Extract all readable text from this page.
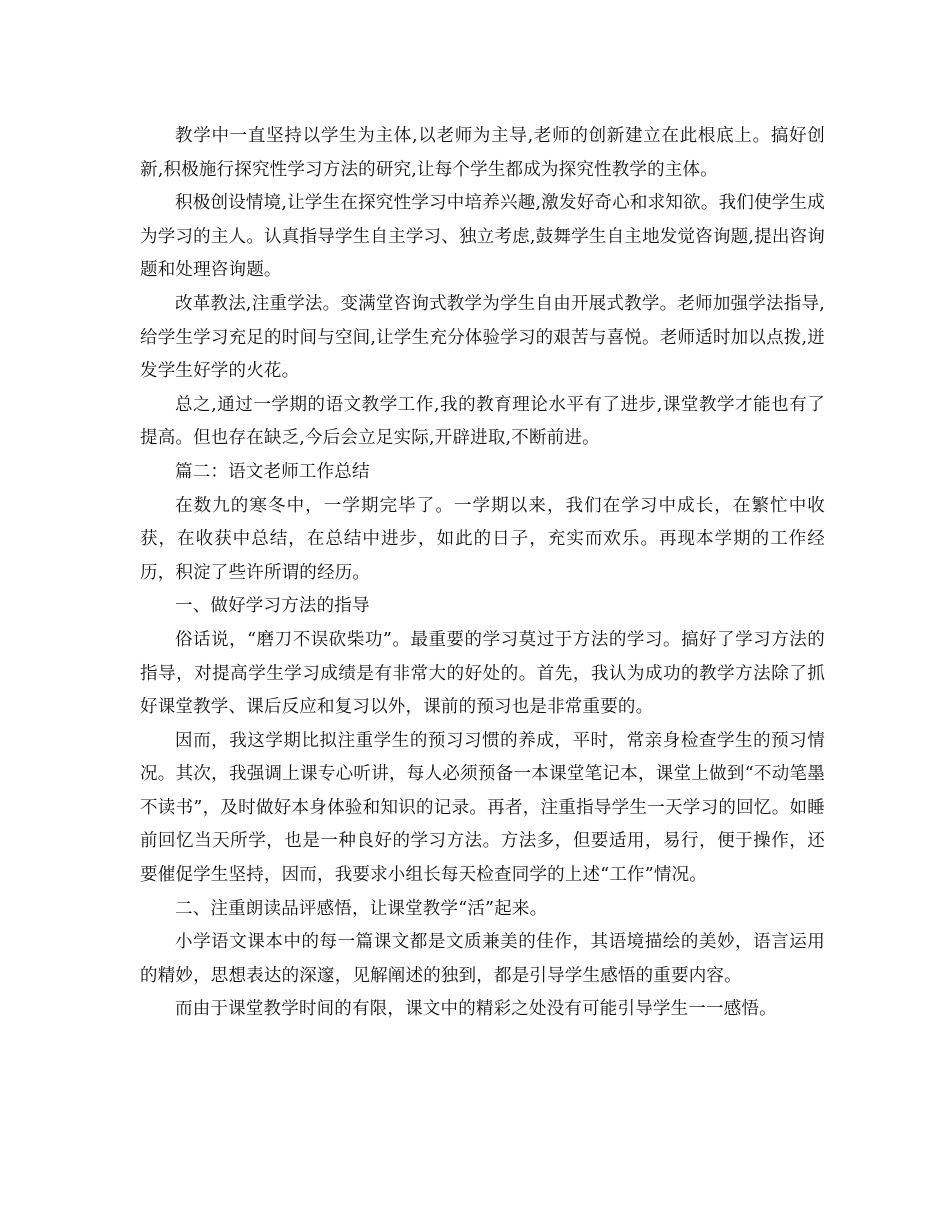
教学中一直坚持以学生为主体,以老师为主导,老师的创新建立在此根底上。搞好创新,积极施行探究性学习方法的研究,让每个学生都成为探究性教学的主体。

积极创设情境,让学生在探究性学习中培养兴趣,激发好奇心和求知欲。我们使学生成为学习的主人。认真指导学生自主学习、独立考虑,鼓舞学生自主地发觉咨询题,提出咨询题和处理咨询题。

改革教法,注重学法。变满堂咨询式教学为学生自由开展式教学。老师加强学法指导,给学生学习充足的时间与空间,让学生充分体验学习的艰苦与喜悦。老师适时加以点拨,迸发学生好学的火花。

总之,通过一学期的语文教学工作,我的教育理论水平有了进步,课堂教学才能也有了提高。但也存在缺乏,今后会立足实际,开辟进取,不断前进。

篇二：语文老师工作总结

在数九的寒冬中，一学期完毕了。一学期以来，我们在学习中成长，在繁忙中收获，在收获中总结，在总结中进步，如此的日子，充实而欢乐。再现本学期的工作经历，积淀了些许所谓的经历。

一、做好学习方法的指导

俗话说，“磨刀不误砍柴功”。最重要的学习莫过于方法的学习。搞好了学习方法的指导，对提高学生学习成绩是有非常大的好处的。首先，我认为成功的教学方法除了抓好课堂教学、课后反应和复习以外，课前的预习也是非常重要的。

因而，我这学期比拟注重学生的预习习惯的养成，平时，常亲身检查学生的预习情况。其次，我强调上课专心听讲，每人必须预备一本课堂笔记本，课堂上做到“不动笔墨不读书”，及时做好本身体验和知识的记录。再者，注重指导学生一天学习的回忆。如睡前回忆当天所学，也是一种良好的学习方法。方法多，但要适用，易行，便于操作，还要催促学生坚持，因而，我要求小组长每天检查同学的上述“工作”情况。

二、注重朗读品评感悟，让课堂教学“活”起来。

小学语文课本中的每一篇课文都是文质兼美的佳作，其语境描绘的美妙，语言运用的精妙，思想表达的深邃，见解阐述的独到，都是引导学生感悟的重要内容。

而由于课堂教学时间的有限，课文中的精彩之处没有可能引导学生一一感悟。
